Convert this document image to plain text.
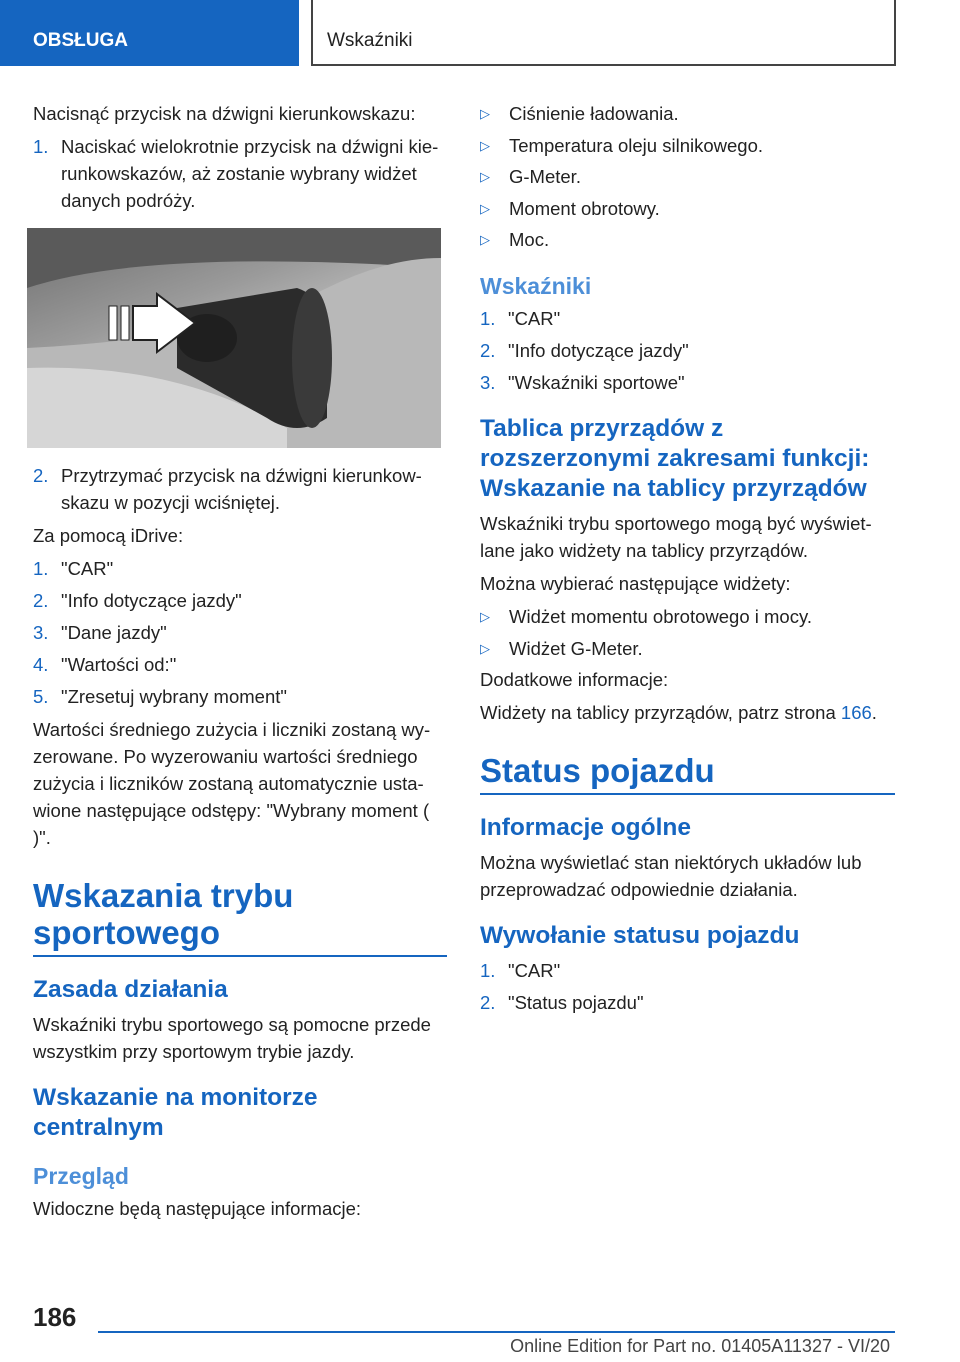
OBSŁUGA	Wskaźniki

Nacisnąć przycisk na dźwigni kierunkowskazu:

1. Naciskać wielokrotnie przycisk na dźwigni kie-runkowskazów, aż zostanie wybrany widżet danych podróży.
2. Przytrzymać przycisk na dźwigni kierunkow-skazu w pozycji wciśniętej.

Za pomocą iDrive:

1. "CAR"
2. "Info dotyczące jazdy"
3. "Dane jazdy"
4. "Wartości od:"
5. "Zresetuj wybrany moment"

Wartości średniego zużycia i liczniki zostaną wy-zerowane. Po wyzerowaniu wartości średniego zużycia i liczników zostaną automatycznie usta-wione następujące odstępy: "Wybrany moment ( )".

Wskazania trybu sportowego
Zasada działania

Wskaźniki trybu sportowego są pomocne przede wszystkim przy sportowym trybie jazdy.

Wskazanie na monitorze centralnym
Przegląd

Widoczne będą następujące informacje:

▷	Ciśnienie ładowania.
▷	Temperatura oleju silnikowego.
▷	G-Meter.
▷	Moment obrotowy.
▷	Moc.
Wskaźniki
1. "CAR"
2. "Info dotyczące jazdy"
3. "Wskaźniki sportowe"
Tablica przyrządów z rozszerzonymi zakresami funkcji: Wskazanie na tablicy przyrządów

Wskaźniki trybu sportowego mogą być wyświet-lane jako widżety na tablicy przyrządów.

Można wybierać następujące widżety:

▷	Widżet momentu obrotowego i mocy.
▷	Widżet G-Meter.

Dodatkowe informacje:

Widżety na tablicy przyrządów, patrz strona 166.

Status pojazdu
Informacje ogólne

Można wyświetlać stan niektórych układów lub przeprowadzać odpowiednie działania.

Wywołanie statusu pojazdu
1. "CAR"
2. "Status pojazdu"
186
Online Edition for Part no. 01405A11327 - VI/20
